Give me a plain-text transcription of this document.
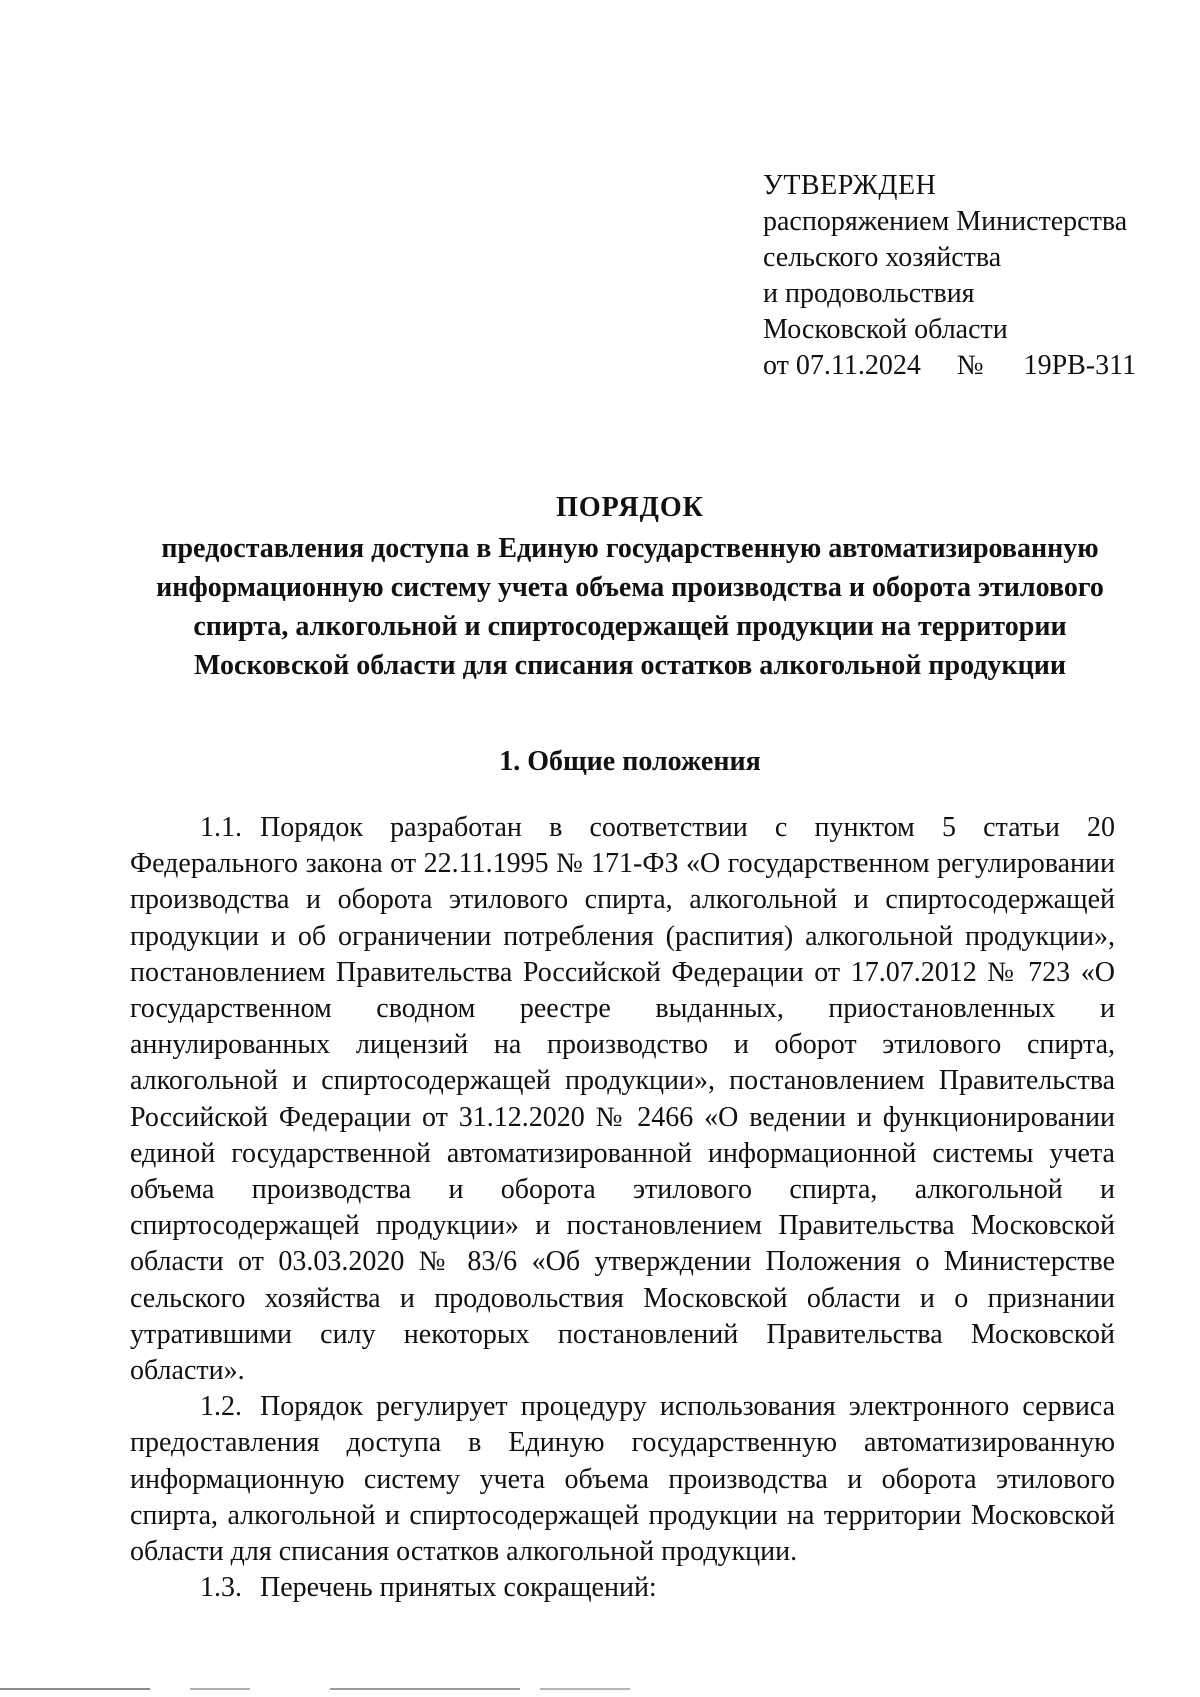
УТВЕРЖДЕН
распоряжением Министерства
сельского хозяйства
и продовольствия
Московской области
от 07.11.2024 № 19РВ-311
ПОРЯДОК
предоставления доступа в Единую государственную автоматизированную
информационную систему учета объема производства и оборота этилового
спирта, алкогольной и спиртосодержащей продукции на территории
Московской области для списания остатков алкогольной продукции
1. Общие положения

1.1. Порядок разработан в соответствии с пунктом 5 статьи 20 Федерального закона от 22.11.1995 № 171-ФЗ «О государственном регулировании производства и оборота этилового спирта, алкогольной и спиртосодержащей продукции и об ограничении потребления (распития) алкогольной продукции», постановлением Правительства Российской Федерации от 17.07.2012 № 723 «О государственном сводном реестре выданных, приостановленных и аннулированных лицензий на производство и оборот этилового спирта, алкогольной и спиртосодержащей продукции», постановлением Правительства Российской Федерации от 31.12.2020 № 2466 «О ведении и функционировании единой государственной автоматизированной информационной системы учета объема производства и оборота этилового спирта, алкогольной и спиртосодержащей продукции» и постановлением Правительства Московской области от 03.03.2020 № 83/6 «Об утверждении Положения о Министерстве сельского хозяйства и продовольствия Московской области и о признании утратившими силу некоторых постановлений Правительства Московской области».

1.2. Порядок регулирует процедуру использования электронного сервиса предоставления доступа в Единую государственную автоматизированную информационную систему учета объема производства и оборота этилового спирта, алкогольной и спиртосодержащей продукции на территории Московской области для списания остатков алкогольной продукции.

1.3. Перечень принятых сокращений:
